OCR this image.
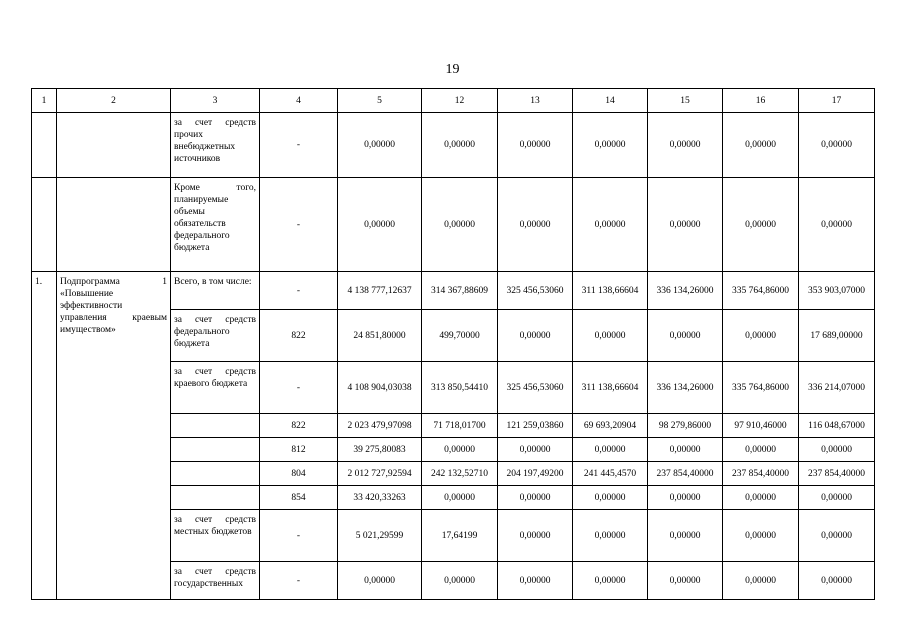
19
1	2	3	4	5	12	13	14	15	16	17
		за счет средств прочих внебюджетных источников	-	0,00000	0,00000	0,00000	0,00000	0,00000	0,00000	0,00000
		Кроме того, планируемые объемы обязательств федерального бюджета	-	0,00000	0,00000	0,00000	0,00000	0,00000	0,00000	0,00000
1.	Подпрограмма 1 «Повышение эффективности управления краевым имуществом»	Всего, в том числе:	-	4 138 777,12637	314 367,88609	325 456,53060	311 138,66604	336 134,26000	335 764,86000	353 903,07000
		за счет средств федерального бюджета	822	24 851,80000	499,70000	0,00000	0,00000	0,00000	0,00000	17 689,00000
		за счет средств краевого бюджета	-	4 108 904,03038	313 850,54410	325 456,53060	311 138,66604	336 134,26000	335 764,86000	336 214,07000
			822	2 023 479,97098	71 718,01700	121 259,03860	69 693,20904	98 279,86000	97 910,46000	116 048,67000
			812	39 275,80083	0,00000	0,00000	0,00000	0,00000	0,00000	0,00000
			804	2 012 727,92594	242 132,52710	204 197,49200	241 445,4570	237 854,40000	237 854,40000	237 854,40000
			854	33 420,33263	0,00000	0,00000	0,00000	0,00000	0,00000	0,00000
		за счет средств местных бюджетов	-	5 021,29599	17,64199	0,00000	0,00000	0,00000	0,00000	0,00000
		за счет средств государственных	-	0,00000	0,00000	0,00000	0,00000	0,00000	0,00000	0,00000
